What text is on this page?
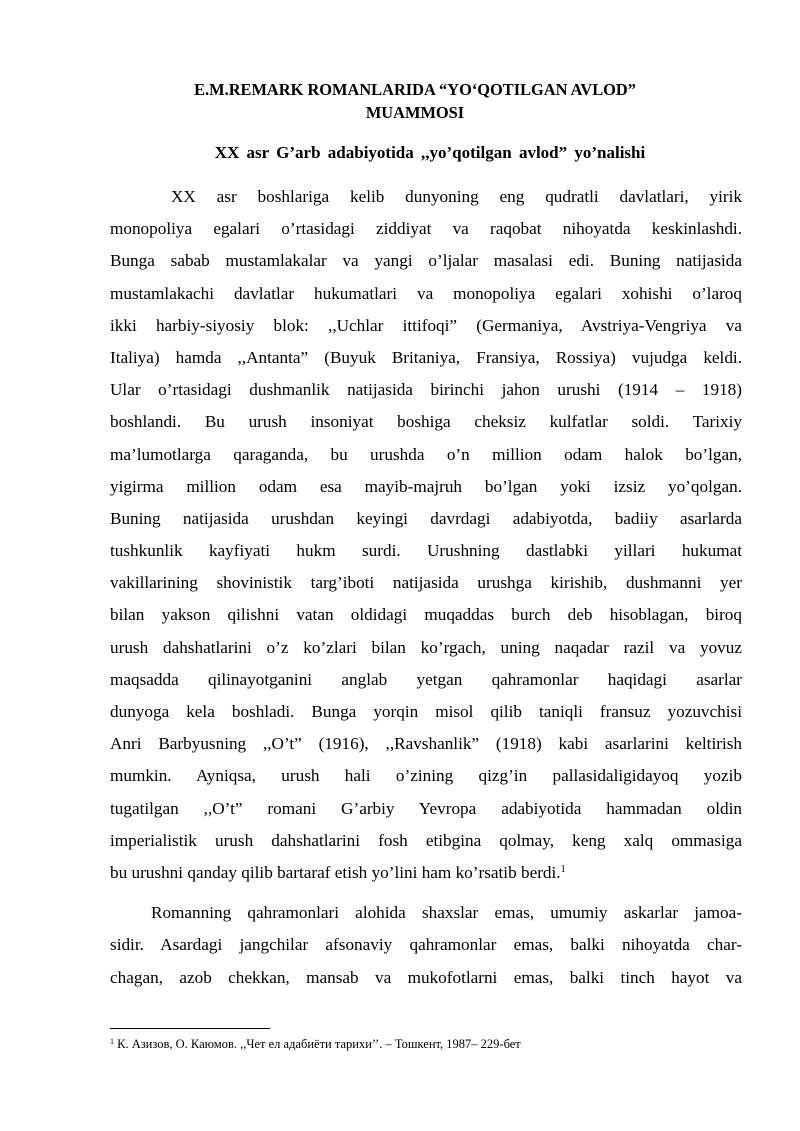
E.M.REMARK ROMANLARIDA “YO‘QOTILGAN AVLOD”
MUAMMOSI
XX asr G’arb adabiyotida ,,yo’qotilgan avlod” yo’nalishi
XX asr boshlariga kelib dunyoning eng qudratli davlatlari, yirik
monopoliya egalari o’rtasidagi ziddiyat va raqobat nihoyatda keskinlashdi.
Bunga sabab mustamlakalar va yangi o’ljalar masalasi edi. Buning natijasida
mustamlakachi davlatlar hukumatlari va monopoliya egalari xohishi o’laroq
ikki harbiy-siyosiy blok: ,,Uchlar ittifoqi” (Germaniya, Avstriya-Vengriya va
Italiya) hamda ,,Antanta” (Buyuk Britaniya, Fransiya, Rossiya) vujudga keldi.
Ular o’rtasidagi dushmanlik natijasida birinchi jahon urushi (1914 – 1918)
boshlandi. Bu urush insoniyat boshiga cheksiz kulfatlar soldi. Tarixiy
ma’lumotlarga qaraganda, bu urushda o’n million odam halok bo’lgan,
yigirma million odam esa mayib-majruh bo’lgan yoki izsiz yo’qolgan.
Buning natijasida urushdan keyingi davrdagi adabiyotda, badiiy asarlarda
tushkunlik kayfiyati hukm surdi. Urushning dastlabki yillari hukumat
vakillarining shovinistik targ’iboti natijasida urushga kirishib, dushmanni yer
bilan yakson qilishni vatan oldidagi muqaddas burch deb hisoblagan, biroq
urush dahshatlarini o’z ko’zlari bilan ko’rgach, uning naqadar razil va yovuz
maqsadda qilinayotganini anglab yetgan qahramonlar haqidagi asarlar
dunyoga kela boshladi. Bunga yorqin misol qilib taniqli fransuz yozuvchisi
Anri Barbyusning ,,O’t” (1916), ,,Ravshanlik” (1918) kabi asarlarini keltirish
mumkin. Ayniqsa, urush hali o’zining qizg’in pallasidaligidayoq yozib
tugatilgan ,,O’t” romani G’arbiy Yevropa adabiyotida hammadan oldin
imperialistik urush dahshatlarini fosh etibgina qolmay, keng xalq ommasiga
bu urushni qanday qilib bartaraf etish yo’lini ham ko’rsatib berdi.$^1$
Romanning qahramonlari alohida shaxslar emas, umumiy askarlar jamoa-
sidir. Asardagi jangchilar afsonaviy qahramonlar emas, balki nihoyatda char-
chagan, azob chekkan, mansab va mukofotlarni emas, balki tinch hayot va
$^1$ К. Азизов, О. Каюмов. ,,Чет ел адабиёти тарихи’’. – Тошкент, 1987– 229-бет
